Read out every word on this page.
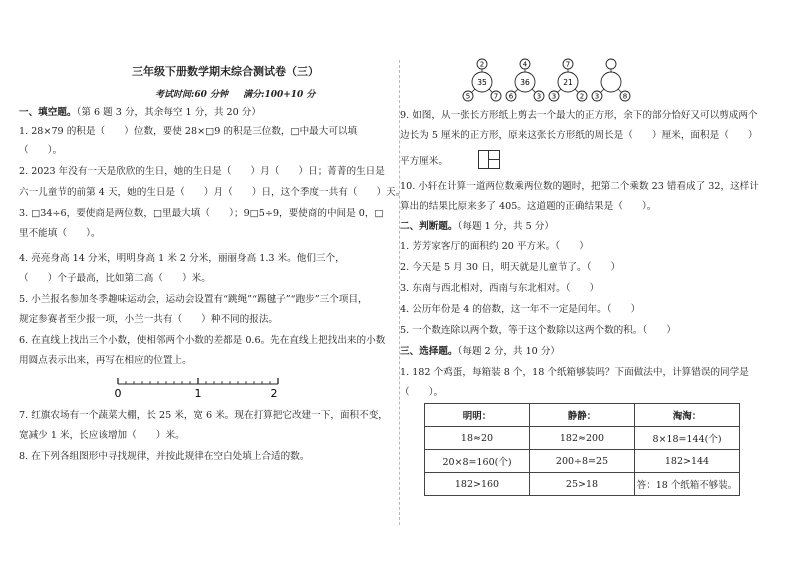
三年级下册数学期末综合测试卷（三）
考试时间:60 分钟 满分:100+10 分
一、填空题。（第 6 题 3 分，其余每空 1 分，共 20 分）
1. 28×79 的积是（　　）位数，要使 28×□9 的积是三位数，□中最大可以填
（　　）。
2. 2023 年没有一天是欣欣的生日，她的生日是（　　）月（　　）日；菁菁的生日是
六一儿童节的前第 4 天，她的生日是（　　）月（　　）日，这个季度一共有（　　）天。
3. □34÷6，要使商是两位数，□里最大填（　　）；9□5÷9，要使商的中间是 0，□
里不能填（　　）。
4. 亮亮身高 14 分米，明明身高 1 米 2 分米，丽丽身高 1.3 米。他们三个，
（　　）个子最高，比如第二高（　　）米。
5. 小兰报名参加冬季趣味运动会，运动会设置有“跳绳”“踢毽子”“跑步”三个项目，
规定参赛者至少报一项，小兰一共有（　　）种不同的报法。
6. 在直线上找出三个小数，使相邻两个小数的差都是 0.6。先在直线上把找出来的小数
用圆点表示出来，再写在相应的位置上。
0	1	2
7. 红旗农场有一个蔬菜大棚，长 25 米，宽 6 米。现在打算把它改建一下，面积不变，
宽减少 1 米，长应该增加（　　）米。
8. 在下列各组图形中寻找规律，并按此规律在空白处填上合适的数。
35
2
5	7
36
4
6	3
21
7
3	2 3	8
9. 如图，从一张长方形纸上剪去一个最大的正方形，余下的部分恰好又可以剪成两个
边长为 5 厘米的正方形，原来这张长方形纸的周长是（　　）厘米，面积是（　　）
平方厘米。
10. 小轩在计算一道两位数乘两位数的题时，把第二个乘数 23 错看成了 32，这样计
算出的结果比原来多了 405。这道题的正确结果是（　　）。
二、判断题。（每题 1 分，共 5 分）
1. 芳芳家客厅的面积约 20 平方米。（　　）
2. 今天是 5 月 30 日，明天就是儿童节了。（　　）
3. 东南与西北相对，西南与东北相对。（　　）
4. 公历年份是 4 的倍数，这一年不一定是闰年。（　　）
5. 一个数连除以两个数，等于这个数除以这两个数的积。（　　）
三、选择题。（每题 2 分，共 10 分）
1. 182 个鸡蛋，每箱装 8 个，18 个纸箱够装吗？下面做法中，计算错误的同学是
（　　）。
明明：	静静：	淘淘：
18≈20	182≈200	8×18=144(个)
20×8=160(个)	200÷8=25	182>144
182>160	25>18	答：18 个纸箱不够装。
